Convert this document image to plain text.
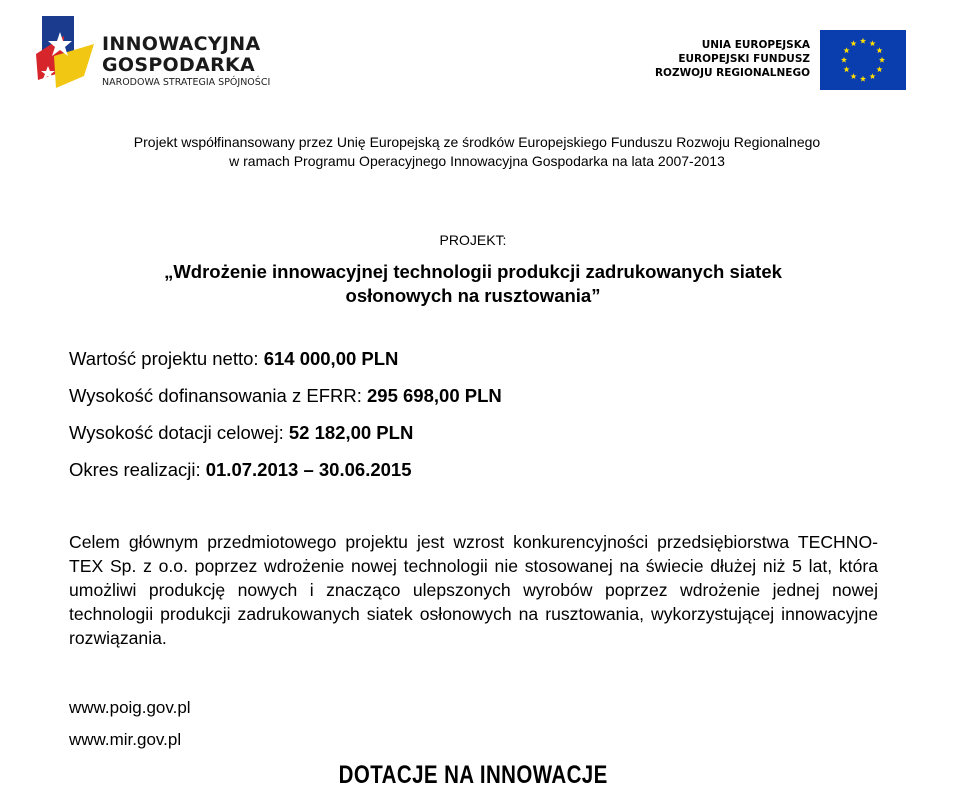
INNOWACYJNA
GOSPODARKA
NARODOWA STRATEGIA SPÓJNOŚCI
UNIA EUROPEJSKA
EUROPEJSKI FUNDUSZ
ROZWOJU REGIONALNEGO
Projekt współfinansowany przez Unię Europejską ze środków Europejskiego Funduszu Rozwoju Regionalnego
w ramach Programu Operacyjnego Innowacyjna Gospodarka na lata 2007-2013
PROJEKT:
„Wdrożenie innowacyjnej technologii produkcji zadrukowanych siatek
osłonowych na rusztowania”
Wartość projektu netto: 614 000,00 PLN
Wysokość dofinansowania z EFRR: 295 698,00 PLN
Wysokość dotacji celowej: 52 182,00 PLN
Okres realizacji: 01.07.2013 – 30.06.2015
Celem głównym przedmiotowego projektu jest wzrost konkurencyjności przedsiębiorstwa TECHNO-TEX Sp. z o.o. poprzez wdrożenie nowej technologii nie stosowanej na świecie dłużej niż 5 lat, która umożliwi produkcję nowych i znacząco ulepszonych wyrobów poprzez wdrożenie jednej nowej technologii produkcji zadrukowanych siatek osłonowych na rusztowania, wykorzystującej innowacyjne rozwiązania.
www.poig.gov.pl
www.mir.gov.pl
DOTACJE NA INNOWACJE
